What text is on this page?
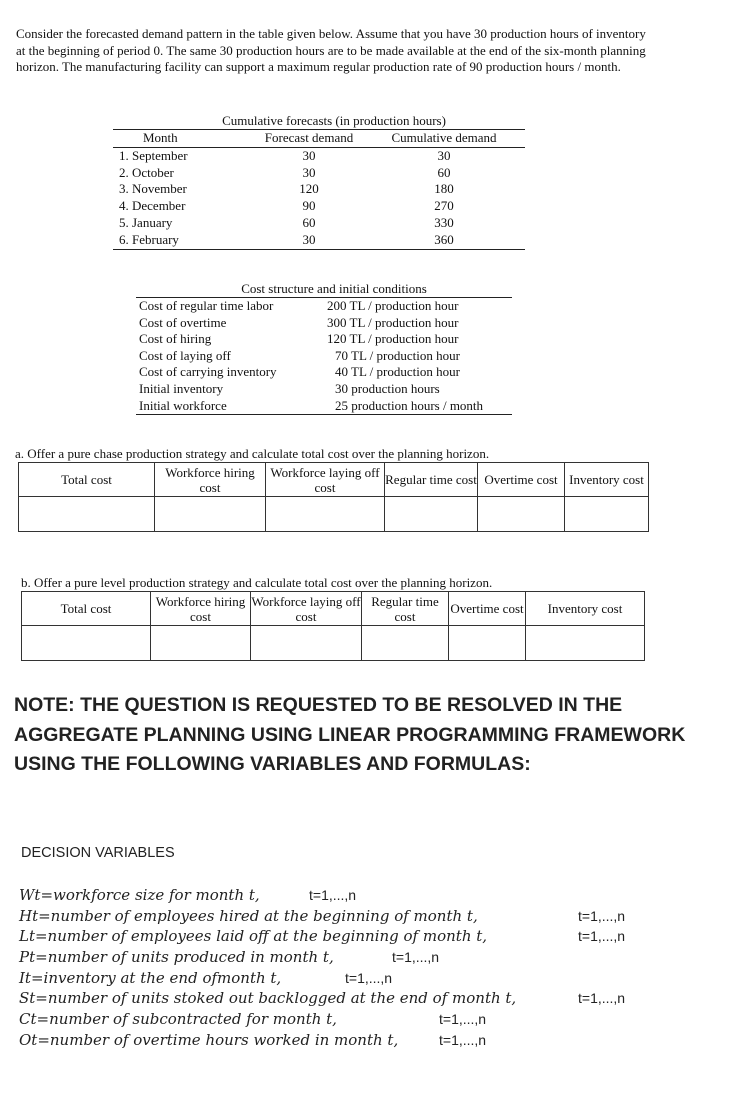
Consider the forecasted demand pattern in the table given below. Assume that you have 30 production hours of inventory at the beginning of period 0. The same 30 production hours are to be made available at the end of the six-month planning horizon. The manufacturing facility can support a maximum regular production rate of 90 production hours / month.
Cumulative forecasts (in production hours)
Month	Forecast demand	Cumulative demand
1. September	30	30
2. October	30	60
3. November	120	180
4. December	90	270
5. January	60	330
6. February	30	360
Cost structure and initial conditions
Cost of regular time labor	200 TL / production hour
Cost of overtime	300 TL / production hour
Cost of hiring	120 TL / production hour
Cost of laying off	70 TL / production hour
Cost of carrying inventory	40 TL / production hour
Initial inventory	30 production hours
Initial workforce	25 production hours / month
a. Offer a pure chase production strategy and calculate total cost over the planning horizon.
Total cost	Workforce hiring cost	Workforce laying off cost	Regular time cost	Overtime cost	Inventory cost

b. Offer a pure level production strategy and calculate total cost over the planning horizon.
Total cost	Workforce hiring cost	Workforce laying off cost	Regular time cost	Overtime cost	Inventory cost

NOTE: THE QUESTION IS REQUESTED TO BE RESOLVED IN THE AGGREGATE PLANNING USING LINEAR PROGRAMMING FRAMEWORK USING THE FOLLOWING VARIABLES AND FORMULAS:
DECISION VARIABLES
Wt=workforce size for month t,	t=1,...,n
Ht=number of employees hired at the beginning of month t,	t=1,...,n
Lt=number of employees laid off at the beginning of month t,	t=1,...,n
Pt=number of units produced in month t,	t=1,...,n
It=inventory at the end ofmonth t,	t=1,...,n
St=number of units stoked out backlogged at the end of month t,	t=1,...,n
Ct=number of subcontracted for month t,	t=1,...,n
Ot=number of overtime hours worked in month t,	t=1,...,n
